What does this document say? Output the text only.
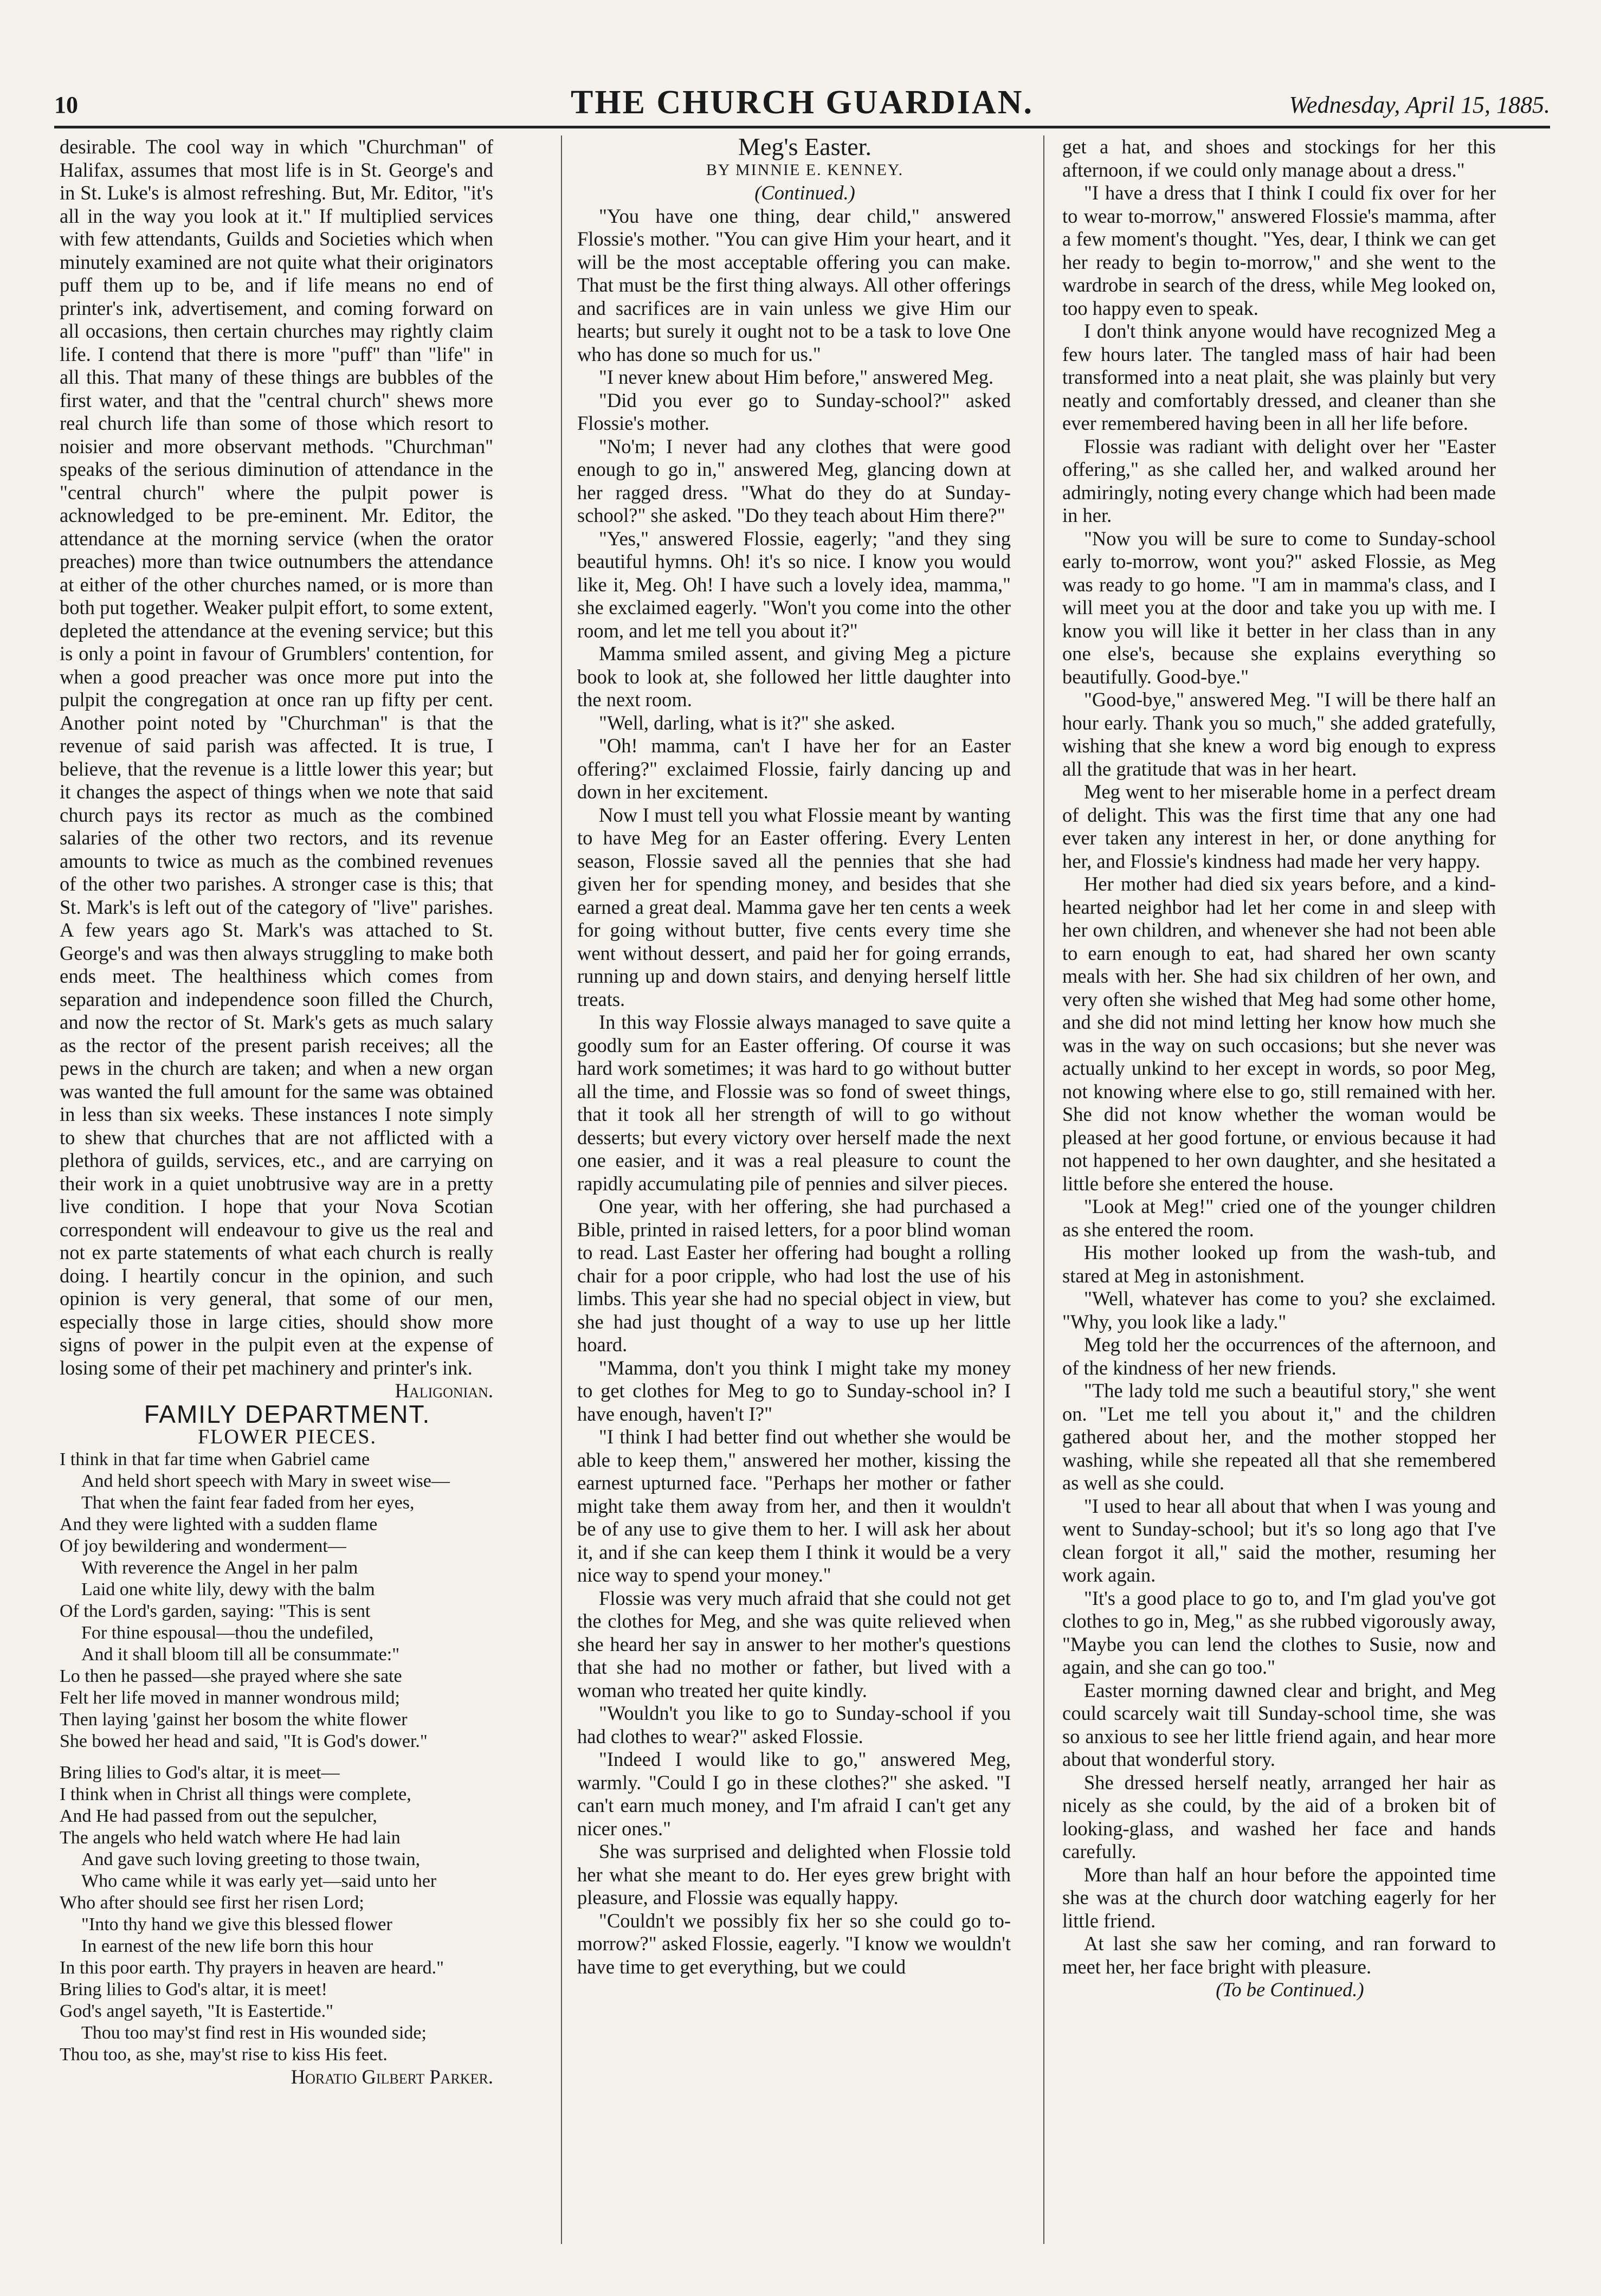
10	THE CHURCH GUARDIAN.	Wednesday, April 15, 1885.

desirable. The cool way in which "Churchman" of Halifax, assumes that most life is in St. George's and in St. Luke's is almost refreshing. But, Mr. Editor, "it's all in the way you look at it." If multiplied services with few attendants, Guilds and Societies which when minutely examined are not quite what their originators puff them up to be, and if life means no end of printer's ink, advertisement, and coming forward on all occasions, then certain churches may rightly claim life. I contend that there is more "puff" than "life" in all this. That many of these things are bubbles of the first water, and that the "central church" shews more real church life than some of those which resort to noisier and more observant methods. "Churchman" speaks of the serious diminution of attendance in the "central church" where the pulpit power is acknowledged to be pre-eminent. Mr. Editor, the attendance at the morning service (when the orator preaches) more than twice outnumbers the attendance at either of the other churches named, or is more than both put together. Weaker pulpit effort, to some extent, depleted the attendance at the evening service; but this is only a point in favour of Grumblers' contention, for when a good preacher was once more put into the pulpit the congregation at once ran up fifty per cent. Another point noted by "Churchman" is that the revenue of said parish was affected. It is true, I believe, that the revenue is a little lower this year; but it changes the aspect of things when we note that said church pays its rector as much as the combined salaries of the other two rectors, and its revenue amounts to twice as much as the combined revenues of the other two parishes. A stronger case is this; that St. Mark's is left out of the category of "live" parishes. A few years ago St. Mark's was attached to St. George's and was then always struggling to make both ends meet. The healthiness which comes from separation and independence soon filled the Church, and now the rector of St. Mark's gets as much salary as the rector of the present parish receives; all the pews in the church are taken; and when a new organ was wanted the full amount for the same was obtained in less than six weeks. These instances I note simply to shew that churches that are not afflicted with a plethora of guilds, services, etc., and are carrying on their work in a quiet unobtrusive way are in a pretty live condition. I hope that your Nova Scotian correspondent will endeavour to give us the real and not ex parte statements of what each church is really doing. I heartily concur in the opinion, and such opinion is very general, that some of our men, especially those in large cities, should show more signs of power in the pulpit even at the expense of losing some of their pet machinery and printer's ink.

Haligonian.

FAMILY DEPARTMENT.

FLOWER PIECES.

I think in that far time when Gabriel came

And held short speech with Mary in sweet wise—

That when the faint fear faded from her eyes,

And they were lighted with a sudden flame

Of joy bewildering and wonderment—

With reverence the Angel in her palm

Laid one white lily, dewy with the balm

Of the Lord's garden, saying: "This is sent

For thine espousal—thou the undefiled,

And it shall bloom till all be consummate:"

Lo then he passed—she prayed where she sate

Felt her life moved in manner wondrous mild;

Then laying 'gainst her bosom the white flower

She bowed her head and said, "It is God's dower."

Bring lilies to God's altar, it is meet—

I think when in Christ all things were complete,

And He had passed from out the sepulcher,

The angels who held watch where He had lain

And gave such loving greeting to those twain,

Who came while it was early yet—said unto her

Who after should see first her risen Lord;

"Into thy hand we give this blessed flower

In earnest of the new life born this hour

In this poor earth. Thy prayers in heaven are heard."

Bring lilies to God's altar, it is meet!

God's angel sayeth, "It is Eastertide."

Thou too may'st find rest in His wounded side;

Thou too, as she, may'st rise to kiss His feet.

Horatio Gilbert Parker.

Meg's Easter.

BY MINNIE E. KENNEY.

(Continued.)

"You have one thing, dear child," answered Flossie's mother. "You can give Him your heart, and it will be the most acceptable offering you can make. That must be the first thing always. All other offerings and sacrifices are in vain unless we give Him our hearts; but surely it ought not to be a task to love One who has done so much for us."

"I never knew about Him before," answered Meg.

"Did you ever go to Sunday-school?" asked Flossie's mother.

"No'm; I never had any clothes that were good enough to go in," answered Meg, glancing down at her ragged dress. "What do they do at Sunday-school?" she asked. "Do they teach about Him there?"

"Yes," answered Flossie, eagerly; "and they sing beautiful hymns. Oh! it's so nice. I know you would like it, Meg. Oh! I have such a lovely idea, mamma," she exclaimed eagerly. "Won't you come into the other room, and let me tell you about it?"

Mamma smiled assent, and giving Meg a picture book to look at, she followed her little daughter into the next room.

"Well, darling, what is it?" she asked.

"Oh! mamma, can't I have her for an Easter offering?" exclaimed Flossie, fairly dancing up and down in her excitement.

Now I must tell you what Flossie meant by wanting to have Meg for an Easter offering. Every Lenten season, Flossie saved all the pennies that she had given her for spending money, and besides that she earned a great deal. Mamma gave her ten cents a week for going without butter, five cents every time she went without dessert, and paid her for going errands, running up and down stairs, and denying herself little treats.

In this way Flossie always managed to save quite a goodly sum for an Easter offering. Of course it was hard work sometimes; it was hard to go without butter all the time, and Flossie was so fond of sweet things, that it took all her strength of will to go without desserts; but every victory over herself made the next one easier, and it was a real pleasure to count the rapidly accumulating pile of pennies and silver pieces.

One year, with her offering, she had purchased a Bible, printed in raised letters, for a poor blind woman to read. Last Easter her offering had bought a rolling chair for a poor cripple, who had lost the use of his limbs. This year she had no special object in view, but she had just thought of a way to use up her little hoard.

"Mamma, don't you think I might take my money to get clothes for Meg to go to Sunday-school in? I have enough, haven't I?"

"I think I had better find out whether she would be able to keep them," answered her mother, kissing the earnest upturned face. "Perhaps her mother or father might take them away from her, and then it wouldn't be of any use to give them to her. I will ask her about it, and if she can keep them I think it would be a very nice way to spend your money."

Flossie was very much afraid that she could not get the clothes for Meg, and she was quite relieved when she heard her say in answer to her mother's questions that she had no mother or father, but lived with a woman who treated her quite kindly.

"Wouldn't you like to go to Sunday-school if you had clothes to wear?" asked Flossie.

"Indeed I would like to go," answered Meg, warmly. "Could I go in these clothes?" she asked. "I can't earn much money, and I'm afraid I can't get any nicer ones."

She was surprised and delighted when Flossie told her what she meant to do. Her eyes grew bright with pleasure, and Flossie was equally happy.

"Couldn't we possibly fix her so she could go to-morrow?" asked Flossie, eagerly. "I know we wouldn't have time to get everything, but we could

get a hat, and shoes and stockings for her this afternoon, if we could only manage about a dress."

"I have a dress that I think I could fix over for her to wear to-morrow," answered Flossie's mamma, after a few moment's thought. "Yes, dear, I think we can get her ready to begin to-morrow," and she went to the wardrobe in search of the dress, while Meg looked on, too happy even to speak.

I don't think anyone would have recognized Meg a few hours later. The tangled mass of hair had been transformed into a neat plait, she was plainly but very neatly and comfortably dressed, and cleaner than she ever remembered having been in all her life before.

Flossie was radiant with delight over her "Easter offering," as she called her, and walked around her admiringly, noting every change which had been made in her.

"Now you will be sure to come to Sunday-school early to-morrow, wont you?" asked Flossie, as Meg was ready to go home. "I am in mamma's class, and I will meet you at the door and take you up with me. I know you will like it better in her class than in any one else's, because she explains everything so beautifully. Good-bye."

"Good-bye," answered Meg. "I will be there half an hour early. Thank you so much," she added gratefully, wishing that she knew a word big enough to express all the gratitude that was in her heart.

Meg went to her miserable home in a perfect dream of delight. This was the first time that any one had ever taken any interest in her, or done anything for her, and Flossie's kindness had made her very happy.

Her mother had died six years before, and a kind-hearted neighbor had let her come in and sleep with her own children, and whenever she had not been able to earn enough to eat, had shared her own scanty meals with her. She had six children of her own, and very often she wished that Meg had some other home, and she did not mind letting her know how much she was in the way on such occasions; but she never was actually unkind to her except in words, so poor Meg, not knowing where else to go, still remained with her. She did not know whether the woman would be pleased at her good fortune, or envious because it had not happened to her own daughter, and she hesitated a little before she entered the house.

"Look at Meg!" cried one of the younger children as she entered the room.

His mother looked up from the wash-tub, and stared at Meg in astonishment.

"Well, whatever has come to you? she exclaimed. "Why, you look like a lady."

Meg told her the occurrences of the afternoon, and of the kindness of her new friends.

"The lady told me such a beautiful story," she went on. "Let me tell you about it," and the children gathered about her, and the mother stopped her washing, while she repeated all that she remembered as well as she could.

"I used to hear all about that when I was young and went to Sunday-school; but it's so long ago that I've clean forgot it all," said the mother, resuming her work again.

"It's a good place to go to, and I'm glad you've got clothes to go in, Meg," as she rubbed vigorously away, "Maybe you can lend the clothes to Susie, now and again, and she can go too."

Easter morning dawned clear and bright, and Meg could scarcely wait till Sunday-school time, she was so anxious to see her little friend again, and hear more about that wonderful story.

She dressed herself neatly, arranged her hair as nicely as she could, by the aid of a broken bit of looking-glass, and washed her face and hands carefully.

More than half an hour before the appointed time she was at the church door watching eagerly for her little friend.

At last she saw her coming, and ran forward to meet her, her face bright with pleasure.

(To be Continued.)
